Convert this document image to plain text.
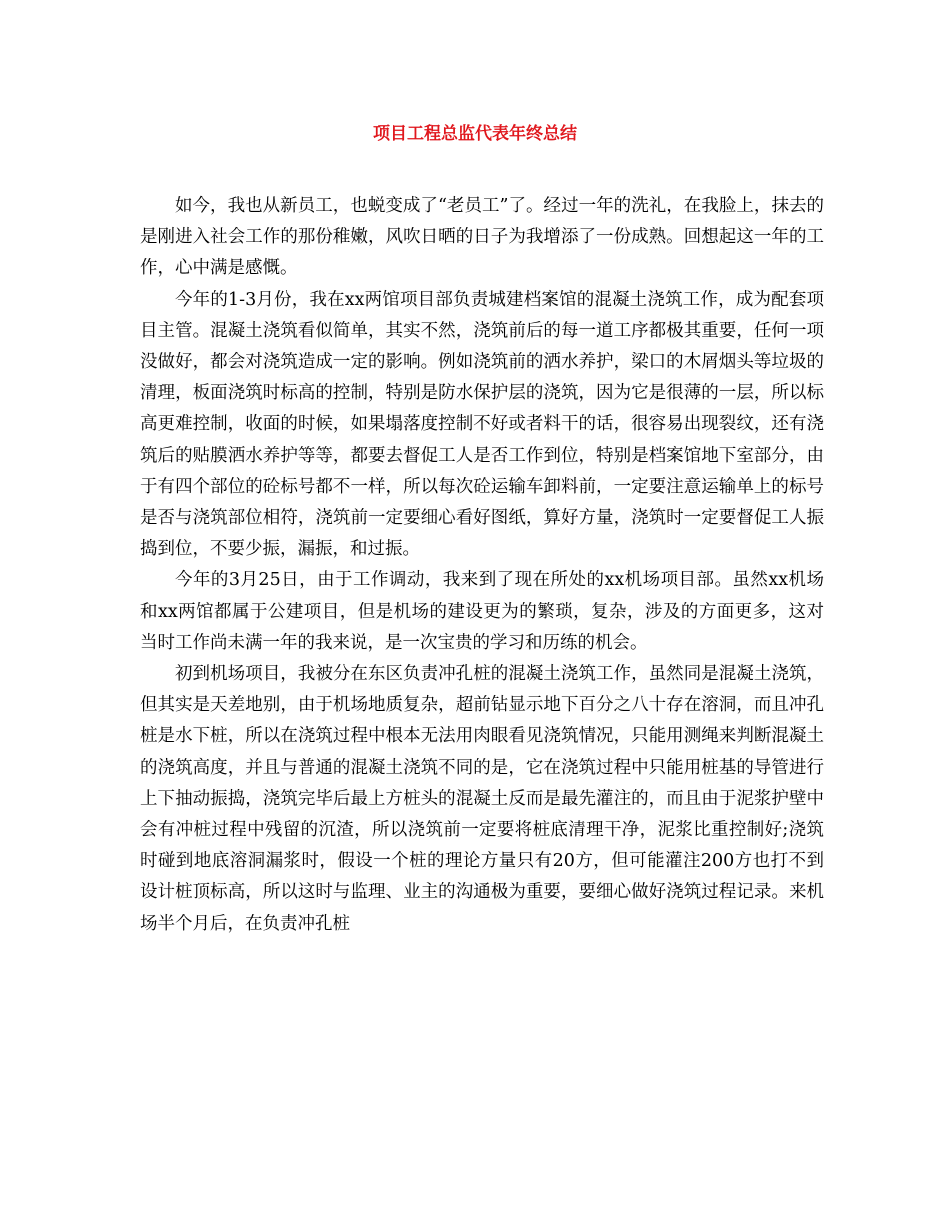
项目工程总监代表年终总结

如今，我也从新员工，也蜕变成了“老员工”了。经过一年的洗礼，在我脸上，抹去的是刚进入社会工作的那份稚嫩，风吹日晒的日子为我增添了一份成熟。回想起这一年的工作，心中满是感慨。

今年的1-3月份，我在xx两馆项目部负责城建档案馆的混凝土浇筑工作，成为配套项目主管。混凝土浇筑看似简单，其实不然，浇筑前后的每一道工序都极其重要，任何一项没做好，都会对浇筑造成一定的影响。例如浇筑前的洒水养护，梁口的木屑烟头等垃圾的清理，板面浇筑时标高的控制，特别是防水保护层的浇筑，因为它是很薄的一层，所以标高更难控制，收面的时候，如果塌落度控制不好或者料干的话，很容易出现裂纹，还有浇筑后的贴膜洒水养护等等，都要去督促工人是否工作到位，特别是档案馆地下室部分，由于有四个部位的砼标号都不一样，所以每次砼运输车卸料前，一定要注意运输单上的标号是否与浇筑部位相符，浇筑前一定要细心看好图纸，算好方量，浇筑时一定要督促工人振捣到位，不要少振，漏振，和过振。

今年的3月25日，由于工作调动，我来到了现在所处的xx机场项目部。虽然xx机场和xx两馆都属于公建项目，但是机场的建设更为的繁琐，复杂，涉及的方面更多，这对当时工作尚未满一年的我来说，是一次宝贵的学习和历练的机会。

初到机场项目，我被分在东区负责冲孔桩的混凝土浇筑工作，虽然同是混凝土浇筑，但其实是天差地别，由于机场地质复杂，超前钻显示地下百分之八十存在溶洞，而且冲孔桩是水下桩，所以在浇筑过程中根本无法用肉眼看见浇筑情况，只能用测绳来判断混凝土的浇筑高度，并且与普通的混凝土浇筑不同的是，它在浇筑过程中只能用桩基的导管进行上下抽动振捣，浇筑完毕后最上方桩头的混凝土反而是最先灌注的，而且由于泥浆护壁中会有冲桩过程中残留的沉渣，所以浇筑前一定要将桩底清理干净，泥浆比重控制好;浇筑时碰到地底溶洞漏浆时，假设一个桩的理论方量只有20方，但可能灌注200方也打不到设计桩顶标高，所以这时与监理、业主的沟通极为重要，要细心做好浇筑过程记录。来机场半个月后，在负责冲孔桩
